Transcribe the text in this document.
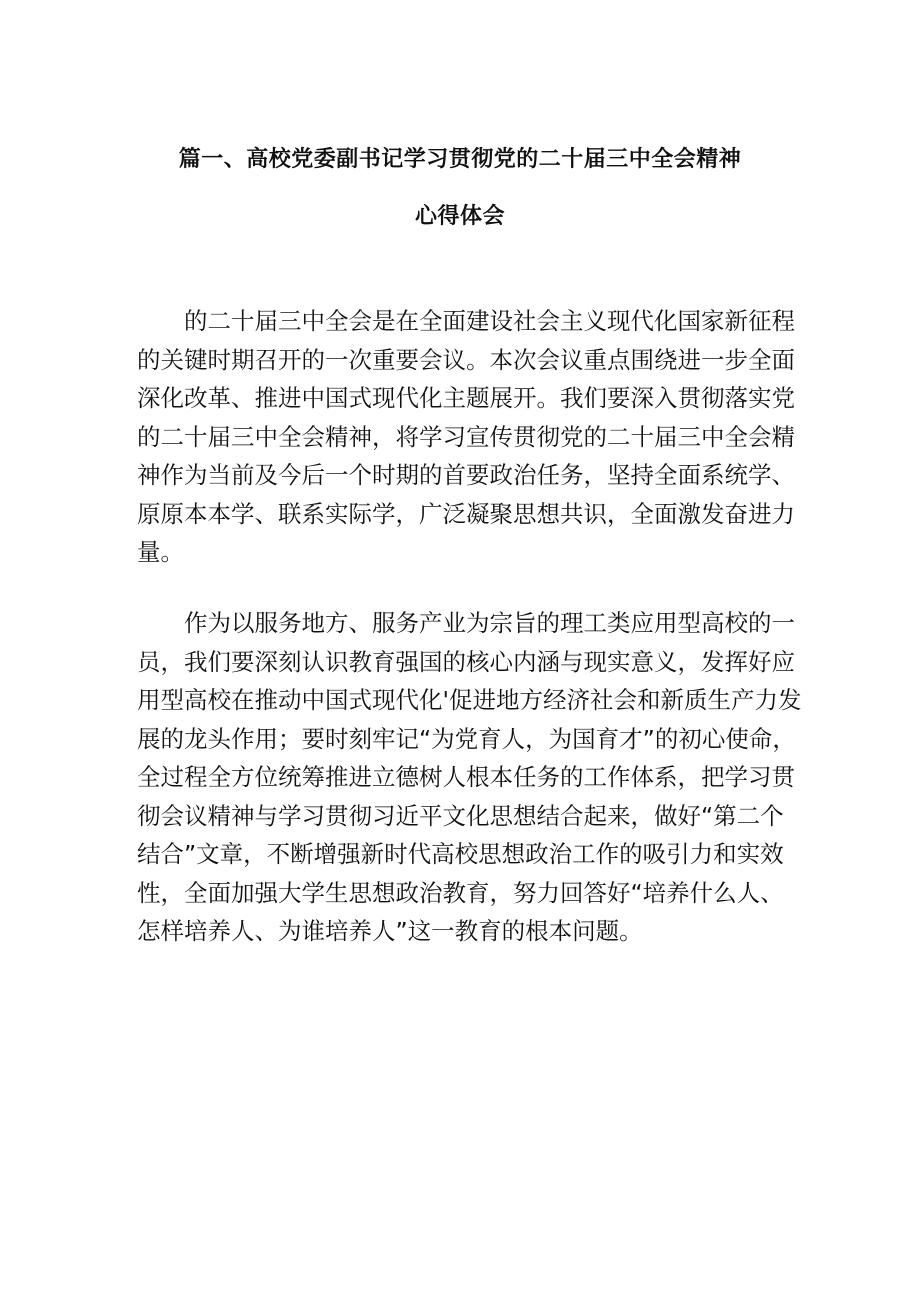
篇一、高校党委副书记学习贯彻党的二十届三中全会精神
心得体会
的二十届三中全会是在全面建设社会主义现代化国家新征程
的关键时期召开的一次重要会议。本次会议重点围绕进一步全面
深化改革、推进中国式现代化主题展开。我们要深入贯彻落实党
的二十届三中全会精神，将学习宣传贯彻党的二十届三中全会精
神作为当前及今后一个时期的首要政治任务，坚持全面系统学、
原原本本学、联系实际学，广泛凝聚思想共识，全面激发奋进力
量。
作为以服务地方、服务产业为宗旨的理工类应用型高校的一
员，我们要深刻认识教育强国的核心内涵与现实意义，发挥好应
用型高校在推动中国式现代化'促进地方经济社会和新质生产力发
展的龙头作用；要时刻牢记“为党育人，为国育才”的初心使命，
全过程全方位统筹推进立德树人根本任务的工作体系，把学习贯
彻会议精神与学习贯彻习近平文化思想结合起来，做好“第二个
结合”文章，不断增强新时代高校思想政治工作的吸引力和实效
性，全面加强大学生思想政治教育，努力回答好“培养什么人、
怎样培养人、为谁培养人”这一教育的根本问题。
